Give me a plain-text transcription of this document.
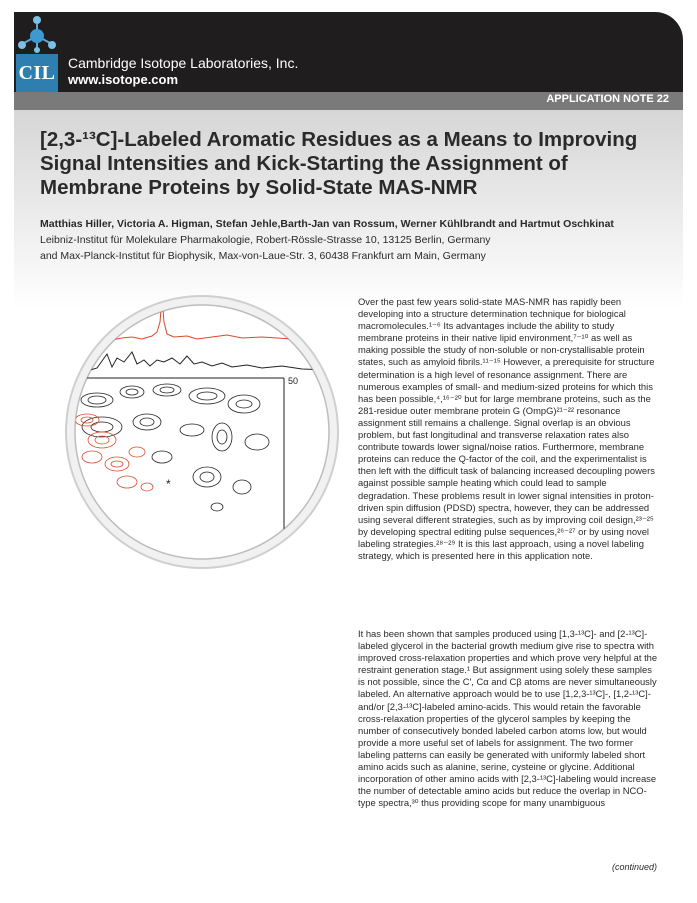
CIL Cambridge Isotope Laboratories, Inc.
www.isotope.com
APPLICATION NOTE 22
[2,3-¹³C]-Labeled Aromatic Residues as a Means to Improving Signal Intensities and Kick-Starting the Assignment of Membrane Proteins by Solid-State MAS-NMR
Matthias Hiller, Victoria A. Higman, Stefan Jehle,Barth-Jan van Rossum, Werner Kühlbrandt and Hartmut Oschkinat
Leibniz-Institut für Molekulare Pharmakologie, Robert-Rössle-Strasse 10, 13125 Berlin, Germany
and Max-Planck-Institut für Biophysik, Max-von-Laue-Str. 3, 60438 Frankfurt am Main, Germany
50
*

Over the past few years solid-state MAS-NMR has rapidly been developing into a structure determination technique for biological macromolecules.¹⁻⁶ Its advantages include the ability to study membrane proteins in their native lipid environment,⁷⁻¹⁰ as well as making possible the study of non-soluble or non-crystallisable protein states, such as amyloid fibrils.¹¹⁻¹⁵ However, a prerequisite for structure determination is a high level of resonance assignment. There are numerous examples of small- and medium-sized proteins for which this has been possible,⁴,¹⁶⁻²⁰ but for large membrane proteins, such as the 281-residue outer membrane protein G (OmpG)²¹⁻²² resonance assignment still remains a challenge. Signal overlap is an obvious problem, but fast longitudinal and transverse relaxation rates also contribute towards lower signal/noise ratios. Furthermore, membrane proteins can reduce the Q-factor of the coil, and the experimentalist is then left with the difficult task of balancing increased decoupling powers against possible sample heating which could lead to sample degradation. These problems result in lower signal intensities in proton-driven spin diffusion (PDSD) spectra, however, they can be addressed using several different strategies, such as by improving coil design,²³⁻²⁵ by developing spectral editing pulse sequences,²⁶⁻²⁷ or by using novel labeling strategies.²⁸⁻²⁹ It is this last approach, using a novel labeling strategy, which is presented here in this application note.

It has been shown that samples produced using [1,3-¹³C]- and [2-¹³C]-labeled glycerol in the bacterial growth medium give rise to spectra with improved cross-relaxation properties and which prove very helpful at the restraint generation stage.¹ But assignment using solely these samples is not possible, since the C′, Cα and Cβ atoms are never simultaneously labeled. An alternative approach would be to use [1,2,3-¹³C]-, [1,2-¹³C]- and/or [2,3-¹³C]-labeled amino-acids. This would retain the favorable cross-relaxation properties of the glycerol samples by keeping the number of consecutively bonded labeled carbon atoms low, but would provide a more useful set of labels for assignment. The two former labeling patterns can easily be generated with uniformly labeled short amino acids such as alanine, serine, cysteine or glycine. Additional incorporation of other amino acids with [2,3-¹³C]-labeling would increase the number of detectable amino acids but reduce the overlap in NCO-type spectra,³⁰ thus providing scope for many unambiguous

(continued)
